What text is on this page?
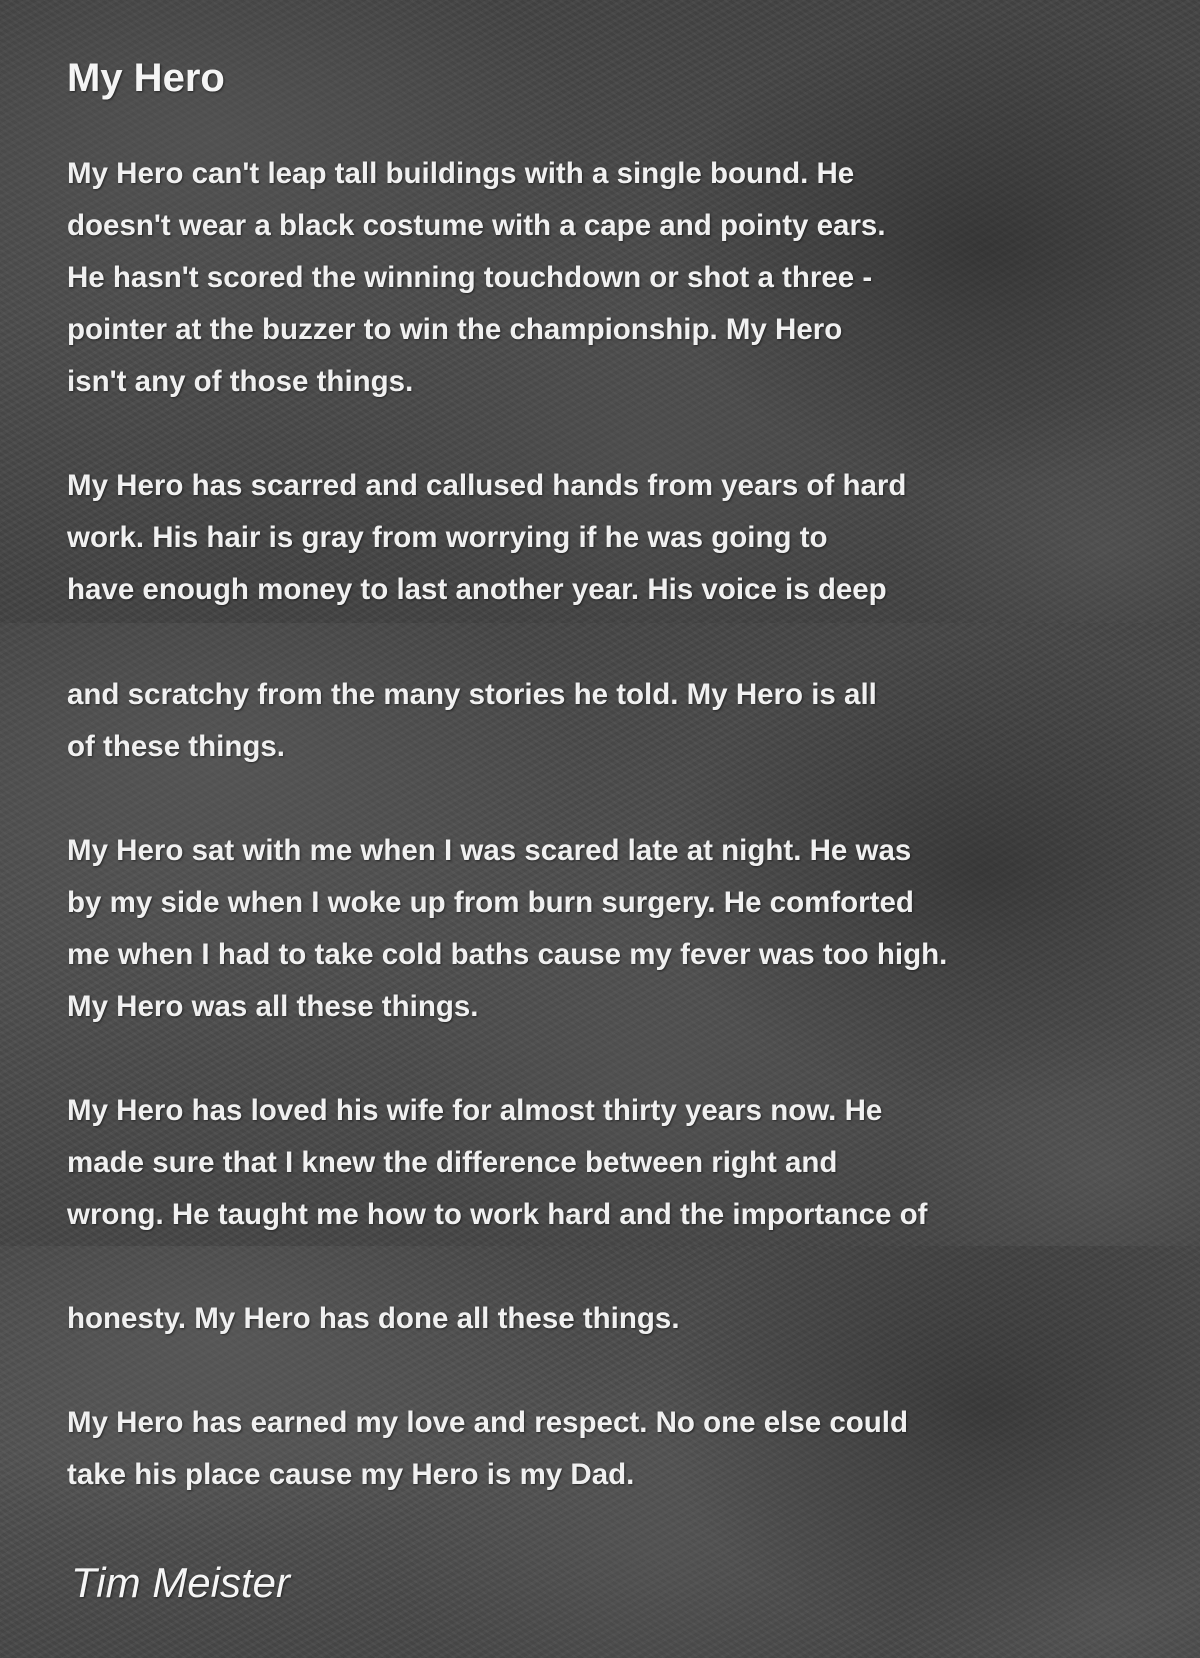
My Hero
My Hero can't leap tall buildings with a single bound. He
doesn't wear a black costume with a cape and pointy ears.
He hasn't scored the winning touchdown or shot a three -
pointer at the buzzer to win the championship. My Hero
isn't any of those things.
My Hero has scarred and callused hands from years of hard
work. His hair is gray from worrying if he was going to
have enough money to last another year. His voice is deep
and scratchy from the many stories he told. My Hero is all
of these things.
My Hero sat with me when I was scared late at night. He was
by my side when I woke up from burn surgery. He comforted
me when I had to take cold baths cause my fever was too high.
My Hero was all these things.
My Hero has loved his wife for almost thirty years now. He
made sure that I knew the difference between right and
wrong. He taught me how to work hard and the importance of
honesty. My Hero has done all these things.
My Hero has earned my love and respect. No one else could
take his place cause my Hero is my Dad.
Tim Meister
